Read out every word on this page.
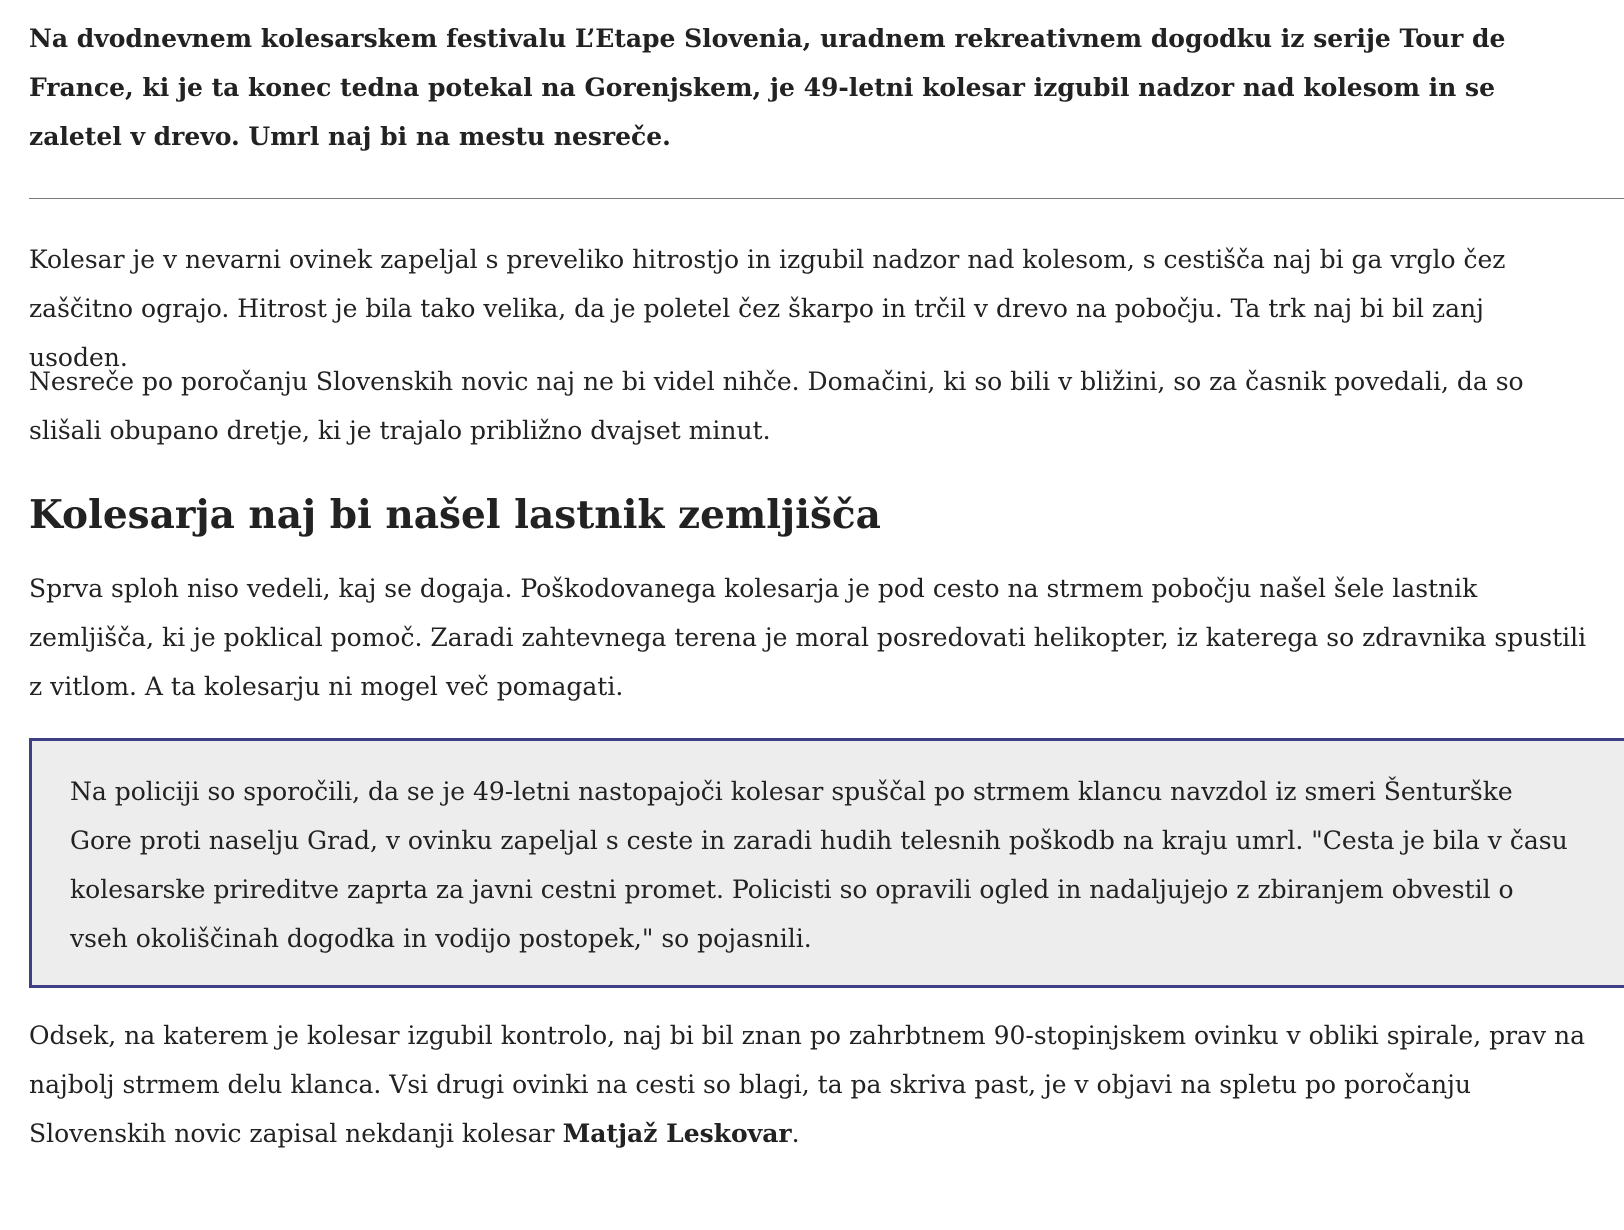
Na dvodnevnem kolesarskem festivalu L’Etape Slovenia, uradnem rekreativnem dogodku iz serije Tour de France, ki je ta konec tedna potekal na Gorenjskem, je 49-letni kolesar izgubil nadzor nad kolesom in se zaletel v drevo. Umrl naj bi na mestu nesreče.

Kolesar je v nevarni ovinek zapeljal s preveliko hitrostjo in izgubil nadzor nad kolesom, s cestišča naj bi ga vrglo čez zaščitno ograjo. Hitrost je bila tako velika, da je poletel čez škarpo in trčil v drevo na pobočju. Ta trk naj bi bil zanj usoden.

Nesreče po poročanju Slovenskih novic naj ne bi videl nihče. Domačini, ki so bili v bližini, so za časnik povedali, da so slišali obupano dretje, ki je trajalo približno dvajset minut.

Kolesarja naj bi našel lastnik zemljišča

Sprva sploh niso vedeli, kaj se dogaja. Poškodovanega kolesarja je pod cesto na strmem pobočju našel šele lastnik zemljišča, ki je poklical pomoč. Zaradi zahtevnega terena je moral posredovati helikopter, iz katerega so zdravnika spustili z vitlom. A ta kolesarju ni mogel več pomagati.

Na policiji so sporočili, da se je 49-letni nastopajoči kolesar spuščal po strmem klancu navzdol iz smeri Šenturške Gore proti naselju Grad, v ovinku zapeljal s ceste in zaradi hudih telesnih poškodb na kraju umrl. "Cesta je bila v času kolesarske prireditve zaprta za javni cestni promet. Policisti so opravili ogled in nadaljujejo z zbiranjem obvestil o vseh okoliščinah dogodka in vodijo postopek," so pojasnili.

Odsek, na katerem je kolesar izgubil kontrolo, naj bi bil znan po zahrbtnem 90-stopinjskem ovinku v obliki spirale, prav na najbolj strmem delu klanca. Vsi drugi ovinki na cesti so blagi, ta pa skriva past, je v objavi na spletu po poročanju Slovenskih novic zapisal nekdanji kolesar Matjaž Leskovar.
